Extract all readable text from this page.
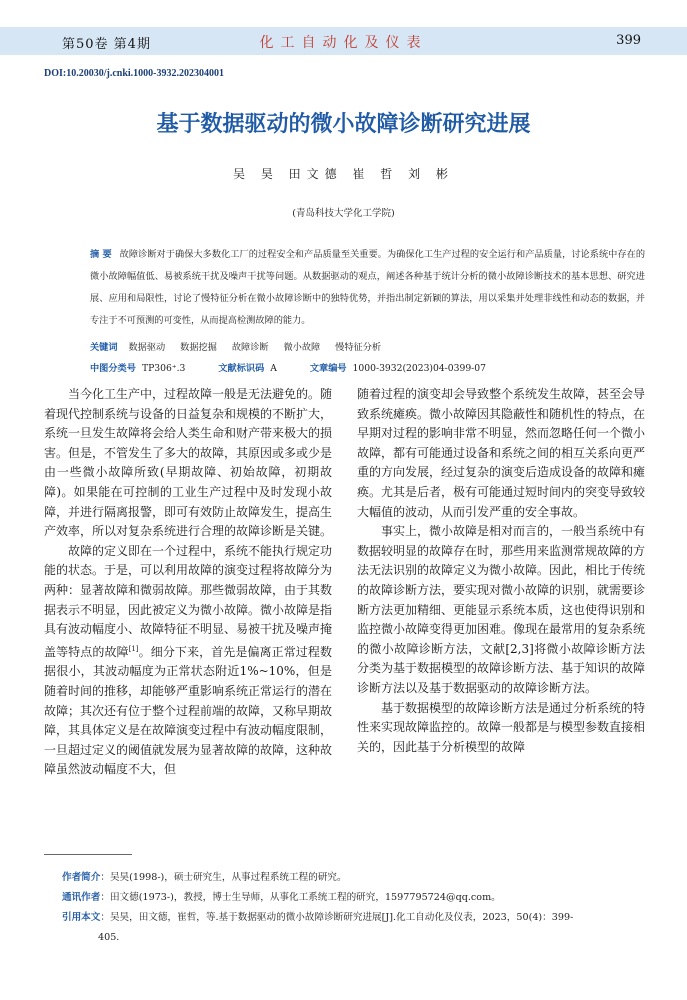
第50卷 第4期	化工自动化及仪表	399
DOI:10.20030/j.cnki.1000-3932.202304001
基于数据驱动的微小故障诊断研究进展
吴 昊 田文德 崔 哲 刘 彬
(青岛科技大学化工学院)
摘 要 故障诊断对于确保大多数化工厂的过程安全和产品质量至关重要。为确保化工生产过程的安全运行和产品质量，讨论系统中存在的微小故障幅值低、易被系统干扰及噪声干扰等问题。从数据驱动的观点，阐述各种基于统计分析的微小故障诊断技术的基本思想、研究进展、应用和局限性，讨论了慢特征分析在微小故障诊断中的独特优势，并指出制定新颖的算法，用以采集并处理非线性和动态的数据，并专注于不可预测的可变性，从而提高检测故障的能力。
关键词 数据驱动 数据挖掘 故障诊断 微小故障 慢特征分析
中图分类号 TP306⁺.3	文献标识码 A	文章编号 1000-3932(2023)04-0399-07

当今化工生产中，过程故障一般是无法避免的。随着现代控制系统与设备的日益复杂和规模的不断扩大，系统一旦发生故障将会给人类生命和财产带来极大的损害。但是，不管发生了多大的故障，其原因或多或少是由一些微小故障所致(早期故障、初始故障，初期故障)。如果能在可控制的工业生产过程中及时发现小故障，并进行隔离报警，即可有效防止故障发生，提高生产效率，所以对复杂系统进行合理的故障诊断是关键。

故障的定义即在一个过程中，系统不能执行规定功能的状态。于是，可以利用故障的演变过程将故障分为两种：显著故障和微弱故障。那些微弱故障，由于其数据表示不明显，因此被定义为微小故障。微小故障是指具有波动幅度小、故障特征不明显、易被干扰及噪声掩盖等特点的故障[1]。细分下来，首先是偏离正常过程数据很小，其波动幅度为正常状态附近1%~10%，但是随着时间的推移，却能够严重影响系统正常运行的潜在故障；其次还有位于整个过程前端的故障，又称早期故障，其具体定义是在故障演变过程中有波动幅度限制，一旦超过定义的阈值就发展为显著故障的故障，这种故障虽然波动幅度不大，但

随着过程的演变却会导致整个系统发生故障，甚至会导致系统瘫痪。微小故障因其隐蔽性和随机性的特点，在早期对过程的影响非常不明显，然而忽略任何一个微小故障，都有可能通过设备和系统之间的相互关系向更严重的方向发展，经过复杂的演变后造成设备的故障和瘫痪。尤其是后者，极有可能通过短时间内的突变导致较大幅值的波动，从而引发严重的安全事故。

事实上，微小故障是相对而言的，一般当系统中有数据较明显的故障存在时，那些用来监测常规故障的方法无法识别的故障定义为微小故障。因此，相比于传统的故障诊断方法，要实现对微小故障的识别，就需要诊断方法更加精细、更能显示系统本质，这也使得识别和监控微小故障变得更加困难。像现在最常用的复杂系统的微小故障诊断方法，文献[2,3]将微小故障诊断方法分类为基于数据模型的故障诊断方法、基于知识的故障诊断方法以及基于数据驱动的故障诊断方法。

基于数据模型的故障诊断方法是通过分析系统的特性来实现故障监控的。故障一般都是与模型参数直接相关的，因此基于分析模型的故障

作者简介：吴昊(1998-)，硕士研究生，从事过程系统工程的研究。
通讯作者：田文德(1973-)，教授，博士生导师，从事化工系统工程的研究，1597795724@qq.com。
引用本文：吴昊，田文德，崔哲，等.基于数据驱动的微小故障诊断研究进展[J].化工自动化及仪表，2023，50(4)：399-
405.
